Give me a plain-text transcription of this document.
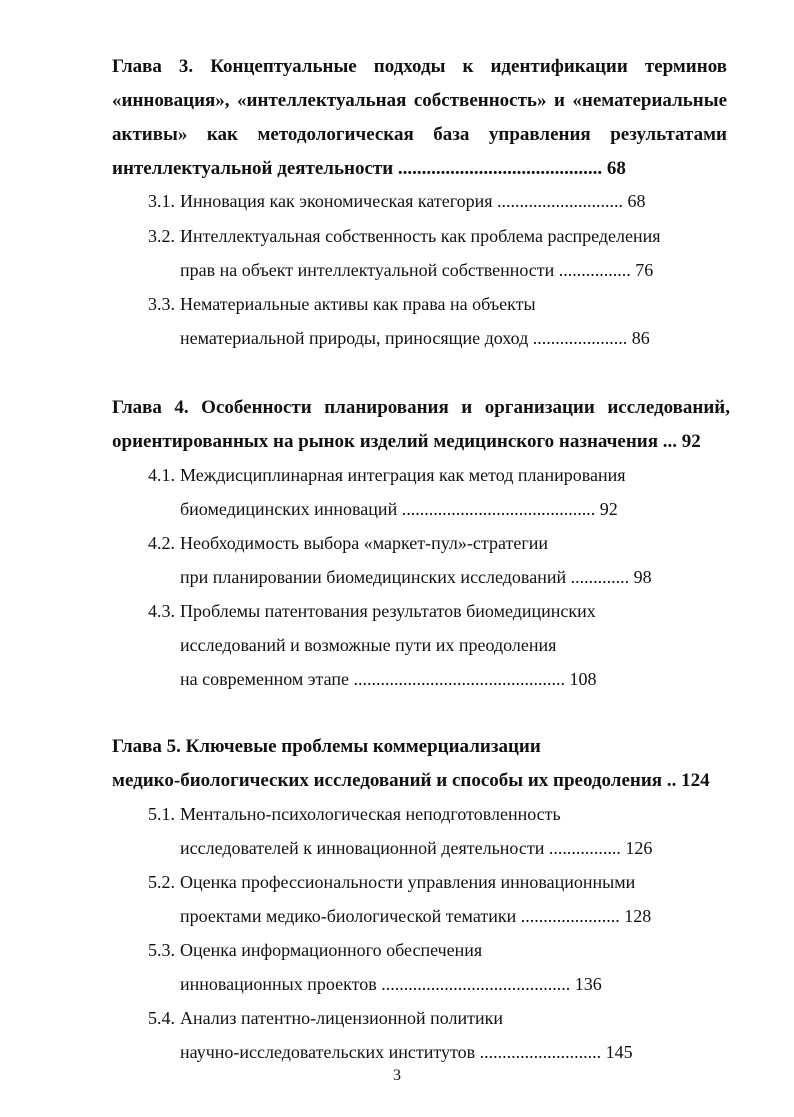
Глава 3. Концептуальные подходы к идентификации терминов
«инновация», «интеллектуальная собственность» и «нематериальные
активы» как методологическая база управления результатами
интеллектуальной деятельности ........................................... 68
3.1. Инновация как экономическая категория ............................ 68
3.2. Интеллектуальная собственность как проблема распределения
прав на объект интеллектуальной собственности ................ 76
3.3. Нематериальные активы как права на объекты
нематериальной природы, приносящие доход ..................... 86
Глава 4. Особенности планирования и организации исследований,
ориентированных на рынок изделий медицинского назначения ... 92
4.1. Междисциплинарная интеграция как метод планирования
биомедицинских инноваций ........................................... 92
4.2. Необходимость выбора «маркет-пул»-стратегии
при планировании биомедицинских исследований ............. 98
4.3. Проблемы патентования результатов биомедицинских
исследований и возможные пути их преодоления
на современном этапе ............................................... 108
Глава 5. Ключевые проблемы коммерциализации
медико-биологических исследований и способы их преодоления .. 124
5.1. Ментально-психологическая неподготовленность
исследователей к инновационной деятельности ................ 126
5.2. Оценка профессиональности управления инновационными
проектами медико-биологической тематики ...................... 128
5.3. Оценка информационного обеспечения
инновационных проектов .......................................... 136
5.4. Анализ патентно-лицензионной политики
научно-исследовательских институтов ........................... 145
3
